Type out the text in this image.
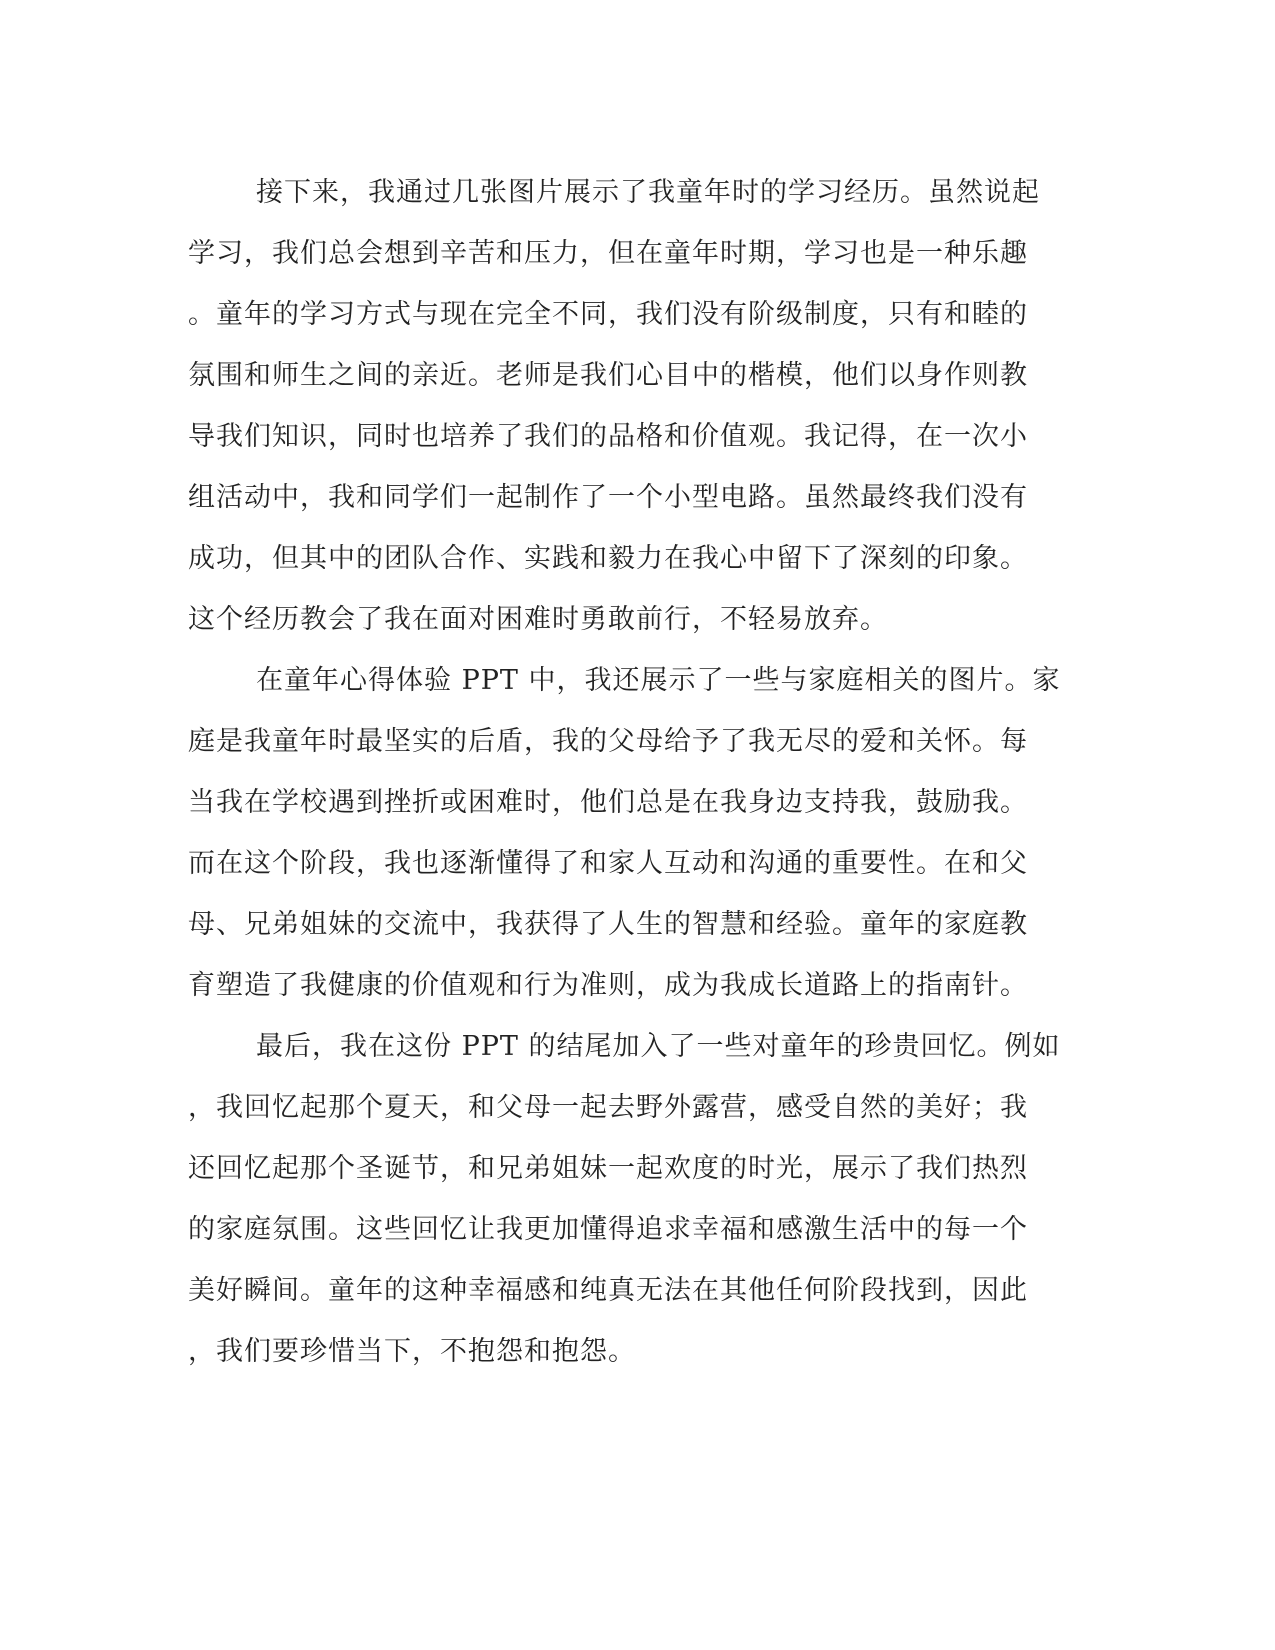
接下来，我通过几张图片展示了我童年时的学习经历。虽然说起
学习，我们总会想到辛苦和压力，但在童年时期，学习也是一种乐趣
。童年的学习方式与现在完全不同，我们没有阶级制度，只有和睦的
氛围和师生之间的亲近。老师是我们心目中的楷模，他们以身作则教
导我们知识，同时也培养了我们的品格和价值观。我记得，在一次小
组活动中，我和同学们一起制作了一个小型电路。虽然最终我们没有
成功，但其中的团队合作、实践和毅力在我心中留下了深刻的印象。
这个经历教会了我在面对困难时勇敢前行，不轻易放弃。
在童年心得体验 PPT 中，我还展示了一些与家庭相关的图片。家
庭是我童年时最坚实的后盾，我的父母给予了我无尽的爱和关怀。每
当我在学校遇到挫折或困难时，他们总是在我身边支持我，鼓励我。
而在这个阶段，我也逐渐懂得了和家人互动和沟通的重要性。在和父
母、兄弟姐妹的交流中，我获得了人生的智慧和经验。童年的家庭教
育塑造了我健康的价值观和行为准则，成为我成长道路上的指南针。
最后，我在这份 PPT 的结尾加入了一些对童年的珍贵回忆。例如
，我回忆起那个夏天，和父母一起去野外露营，感受自然的美好；我
还回忆起那个圣诞节，和兄弟姐妹一起欢度的时光，展示了我们热烈
的家庭氛围。这些回忆让我更加懂得追求幸福和感激生活中的每一个
美好瞬间。童年的这种幸福感和纯真无法在其他任何阶段找到，因此
，我们要珍惜当下，不抱怨和抱怨。
